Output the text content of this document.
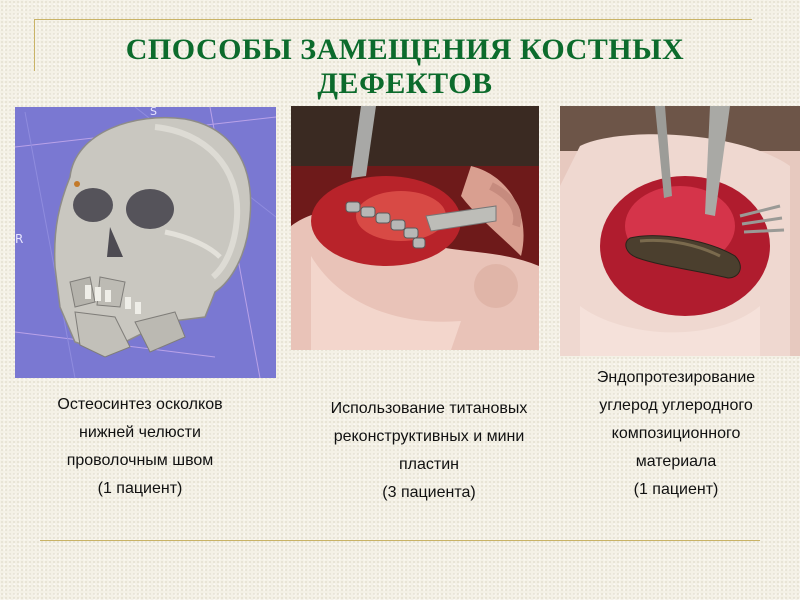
СПОСОБЫ ЗАМЕЩЕНИЯ КОСТНЫХ ДЕФЕКТОВ
S
R
Остеосинтез осколков
нижней челюсти
проволочным швом
(1 пациент)
Использование титановых
реконструктивных и мини
пластин
(3 пациента)
Эндопротезирование
углерод углеродного
композиционного
материала
(1 пациент)
